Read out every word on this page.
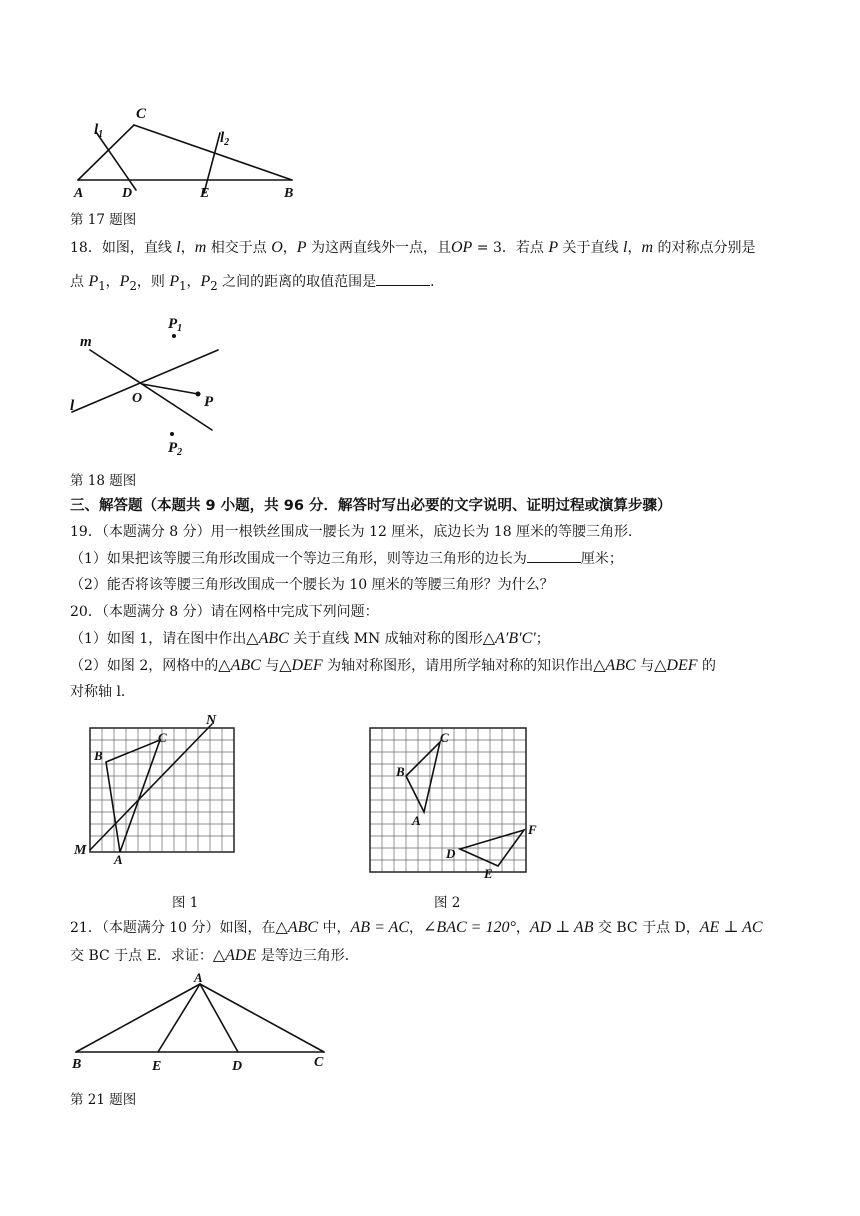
C
$l_1$	$l_2$
A	D	E	B
第 17 题图
18．如图，直线 l，m 相交于点 O，P 为这两直线外一点，且OP = 3．若点 P 关于直线 l，m 的对称点分别是
点 $P_1$，$P_2$，则 $P_1$，$P_2$ 之间的距离的取值范围是	．
$P_1$
m
O	P
l
$P_2$
第 18 题图
三、解答题（本题共 9 小题，共 96 分．解答时写出必要的文字说明、证明过程或演算步骤）
19．（本题满分 8 分）用一根铁丝围成一腰长为 12 厘米，底边长为 18 厘米的等腰三角形．
（1）如果把该等腰三角形改围成一个等边三角形，则等边三角形的边长为	厘米；
（2）能否将该等腰三角形改围成一个腰长为 10 厘米的等腰三角形？为什么？
20．（本题满分 8 分）请在网格中完成下列问题：
（1）如图 1，请在图中作出△ABC 关于直线 MN 成轴对称的图形△A′B′C′；
（2）如图 2，网格中的△ABC 与△DEF 为轴对称图形，请用所学轴对称的知识作出△ABC 与△DEF 的
对称轴 l．
N
C
B
M
A
图 1
C
B
A
F
D
E
图 2
21．（本题满分 10 分）如图，在△ABC 中，AB = AC，∠BAC = 120°，AD ⊥ AB 交 BC 于点 D，AE ⊥ AC
交 BC 于点 E．求证：△ADE 是等边三角形．
A
B	E	D	C
第 21 题图
